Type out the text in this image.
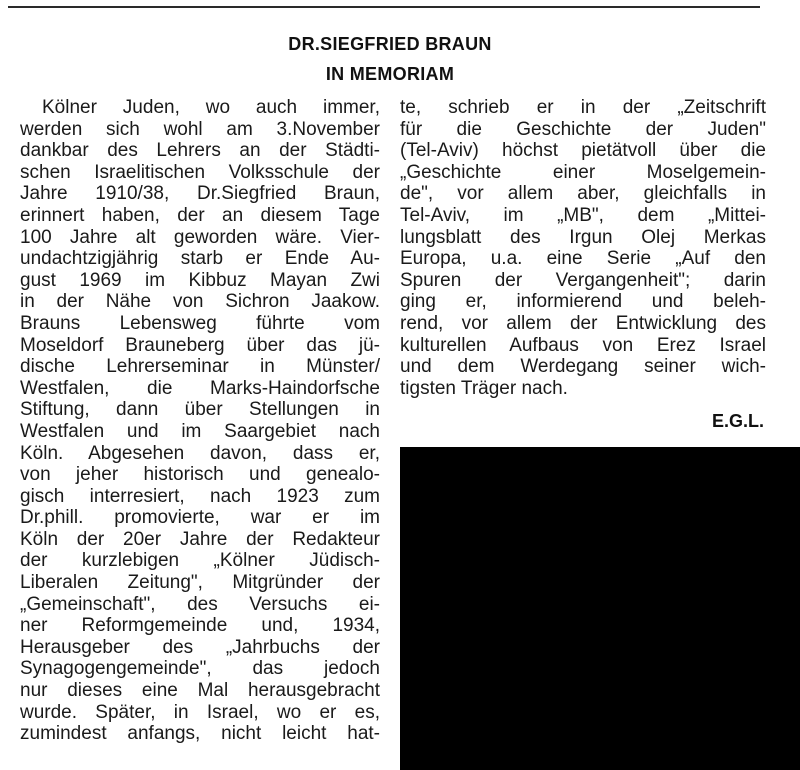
DR.SIEGFRIED BRAUN
IN MEMORIAM
Kölner Juden, wo auch immer,
werden sich wohl am 3.November
dankbar des Lehrers an der Städti-
schen Israelitischen Volksschule der
Jahre 1910/38, Dr.Siegfried Braun,
erinnert haben, der an diesem Tage
100 Jahre alt geworden wäre. Vier-
undachtzigjährig starb er Ende Au-
gust 1969 im Kibbuz Mayan Zwi
in der Nähe von Sichron Jaakow.
Brauns Lebensweg führte vom
Moseldorf Brauneberg über das jü-
dische Lehrerseminar in Münster/
Westfalen, die Marks-Haindorfsche
Stiftung, dann über Stellungen in
Westfalen und im Saargebiet nach
Köln. Abgesehen davon, dass er,
von jeher historisch und genealo-
gisch interresiert, nach 1923 zum
Dr.phill. promovierte, war er im
Köln der 20er Jahre der Redakteur
der kurzlebigen „Kölner Jüdisch-
Liberalen Zeitung", Mitgründer der
„Gemeinschaft", des Versuchs ei-
ner Reformgemeinde und, 1934,
Herausgeber des „Jahrbuchs der
Synagogengemeinde", das jedoch
nur dieses eine Mal herausgebracht
wurde. Später, in Israel, wo er es,
zumindest anfangs, nicht leicht hat-
te, schrieb er in der „Zeitschrift
für die Geschichte der Juden"
(Tel-Aviv) höchst pietätvoll über die
„Geschichte einer Moselgemein-
de", vor allem aber, gleichfalls in
Tel-Aviv, im „MB", dem „Mittei-
lungsblatt des Irgun Olej Merkas
Europa, u.a. eine Serie „Auf den
Spuren der Vergangenheit"; darin
ging er, informierend und beleh-
rend, vor allem der Entwicklung des
kulturellen Aufbaus von Erez Israel
und dem Werdegang seiner wich-
tigsten Träger nach.
E.G.L.
